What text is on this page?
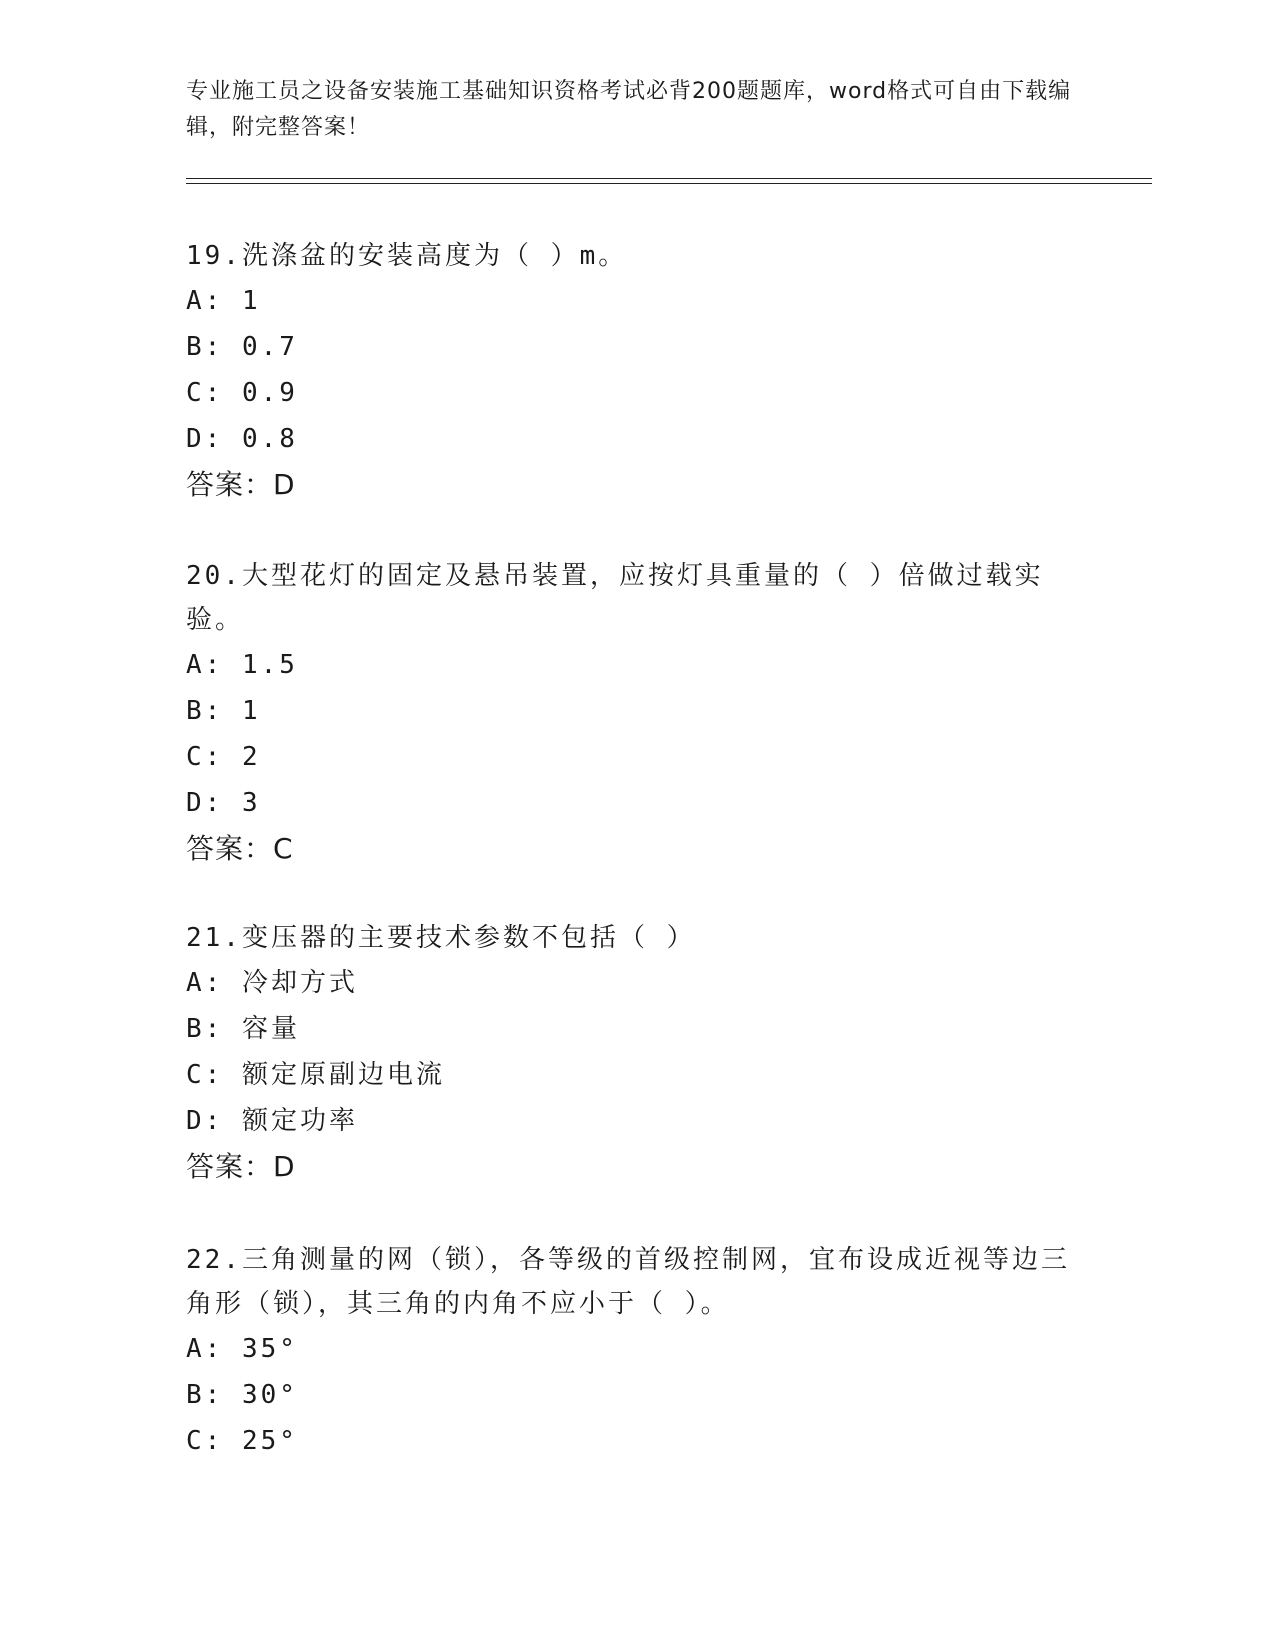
专业施工员之设备安装施工基础知识资格考试必背200题题库，word格式可自由下载编辑，附完整答案！

19.洗涤盆的安装高度为（ ）m。

A: 1

B: 0.7

C: 0.9

D: 0.8

答案：D

20.大型花灯的固定及悬吊装置，应按灯具重量的（ ）倍做过载实验。

A: 1.5

B: 1

C: 2

D: 3

答案：C

21.变压器的主要技术参数不包括（ ）

A: 冷却方式

B: 容量

C: 额定原副边电流

D: 额定功率

答案：D

22.三角测量的网（锁），各等级的首级控制网，宜布设成近视等边三角形（锁），其三角的内角不应小于（ ）。

A: 35°

B: 30°

C: 25°
